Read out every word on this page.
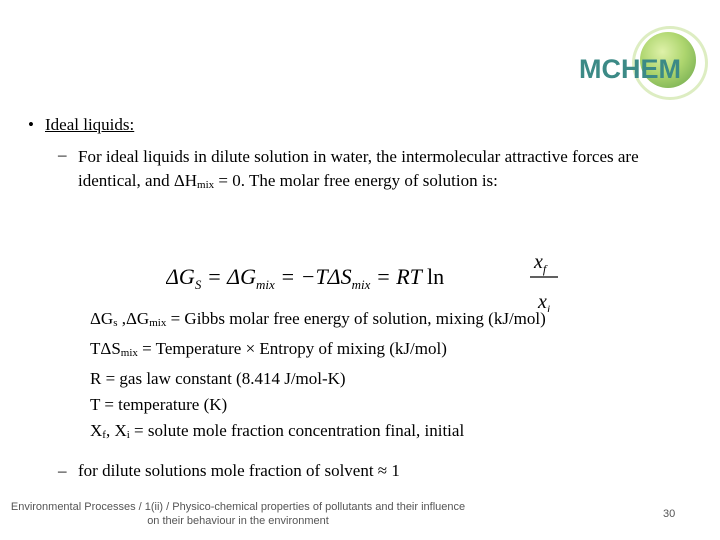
MCHEM
• Ideal liquids:
– For ideal liquids in dilute solution in water, the intermolecular attractive forces are identical, and $\Delta H_{mix} = 0$. The molar free energy of solution is:
$\Delta G_S = \Delta G_{mix} = -T\Delta S_{mix}$ = RT ln
$x_f$
$x_i$
$\Delta G_s$ $,\Delta G_{mix}$ = Gibbs molar free energy of solution, mixing (kJ/mol)
$T\Delta S_{mix}$ = Temperature × Entropy of mixing (kJ/mol)
R = gas law constant (8.414 J/mol-K)
T = temperature (K)
$X_f$, $X_i$ = solute mole fraction concentration final, initial
– for dilute solutions mole fraction of solvent ≈ 1
Environmental Processes / 1(ii) / Physico-chemical properties of pollutants and their influence
on their behaviour in the environment
30
